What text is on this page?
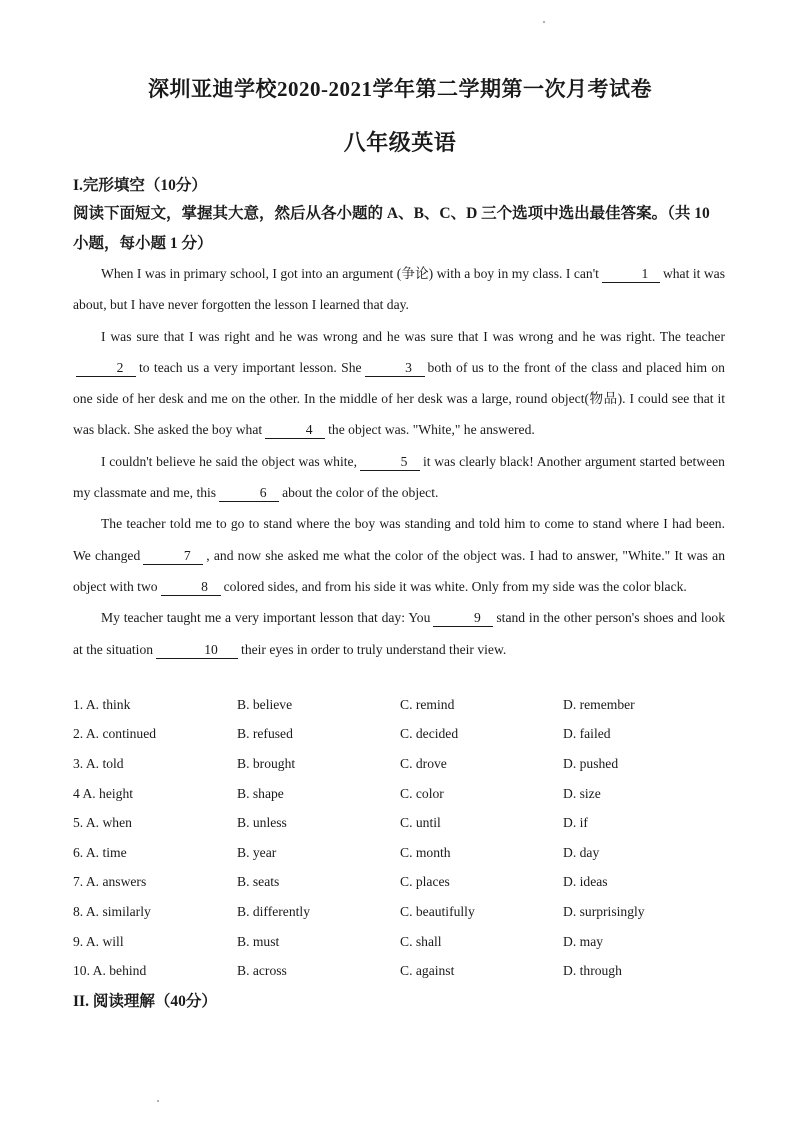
深圳亚迪学校2020-2021学年第二学期第一次月考试卷
八年级英语
I.完形填空（10分）
阅读下面短文，掌握其大意，然后从各小题的 A、B、C、D 三个选项中选出最佳答案。（共 10 小题，每小题 1 分）

When I was in primary school, I got into an argument (争论) with a boy in my class. I can't	1 what it was about, but I have never forgotten the lesson I learned that day.

I was sure that I was right and he was wrong and he was sure that I was wrong and he was right. The teacher 2 to teach us a very important lesson. She	3 both of us to the front of the class and placed him on one side of her desk and me on the other. In the middle of her desk was a large, round object(物品). I could see that it was black. She asked the boy what	4 the object was. "White," he answered.

I couldn't believe he said the object was white,	5 it was clearly black! Another argument started between my classmate and me, this	6 about the color of the object.

The teacher told me to go to stand where the boy was standing and told him to come to stand where I had been. We changed	7 , and now she asked me what the color of the object was. I had to answer, "White." It was an object with two	8 colored sides, and from his side it was white. Only from my side was the color black.

My teacher taught me a very important lesson that day: You	9 stand in the other person's shoes and look at the situation	10 their eyes in order to truly understand their view.

1. A. think	B. believe	C. remind	D. remember
2. A. continued	B. refused	C. decided	D. failed
3. A. told	B. brought	C. drove	D. pushed
4 A. height	B. shape	C. color	D. size
5. A. when	B. unless	C. until	D. if
6. A. time	B. year	C. month	D. day
7. A. answers	B. seats	C. places	D. ideas
8. A. similarly	B. differently	C. beautifully	D. surprisingly
9. A. will	B. must	C. shall	D. may
10. A. behind	B. across	C. against	D. through
II. 阅读理解（40分）
